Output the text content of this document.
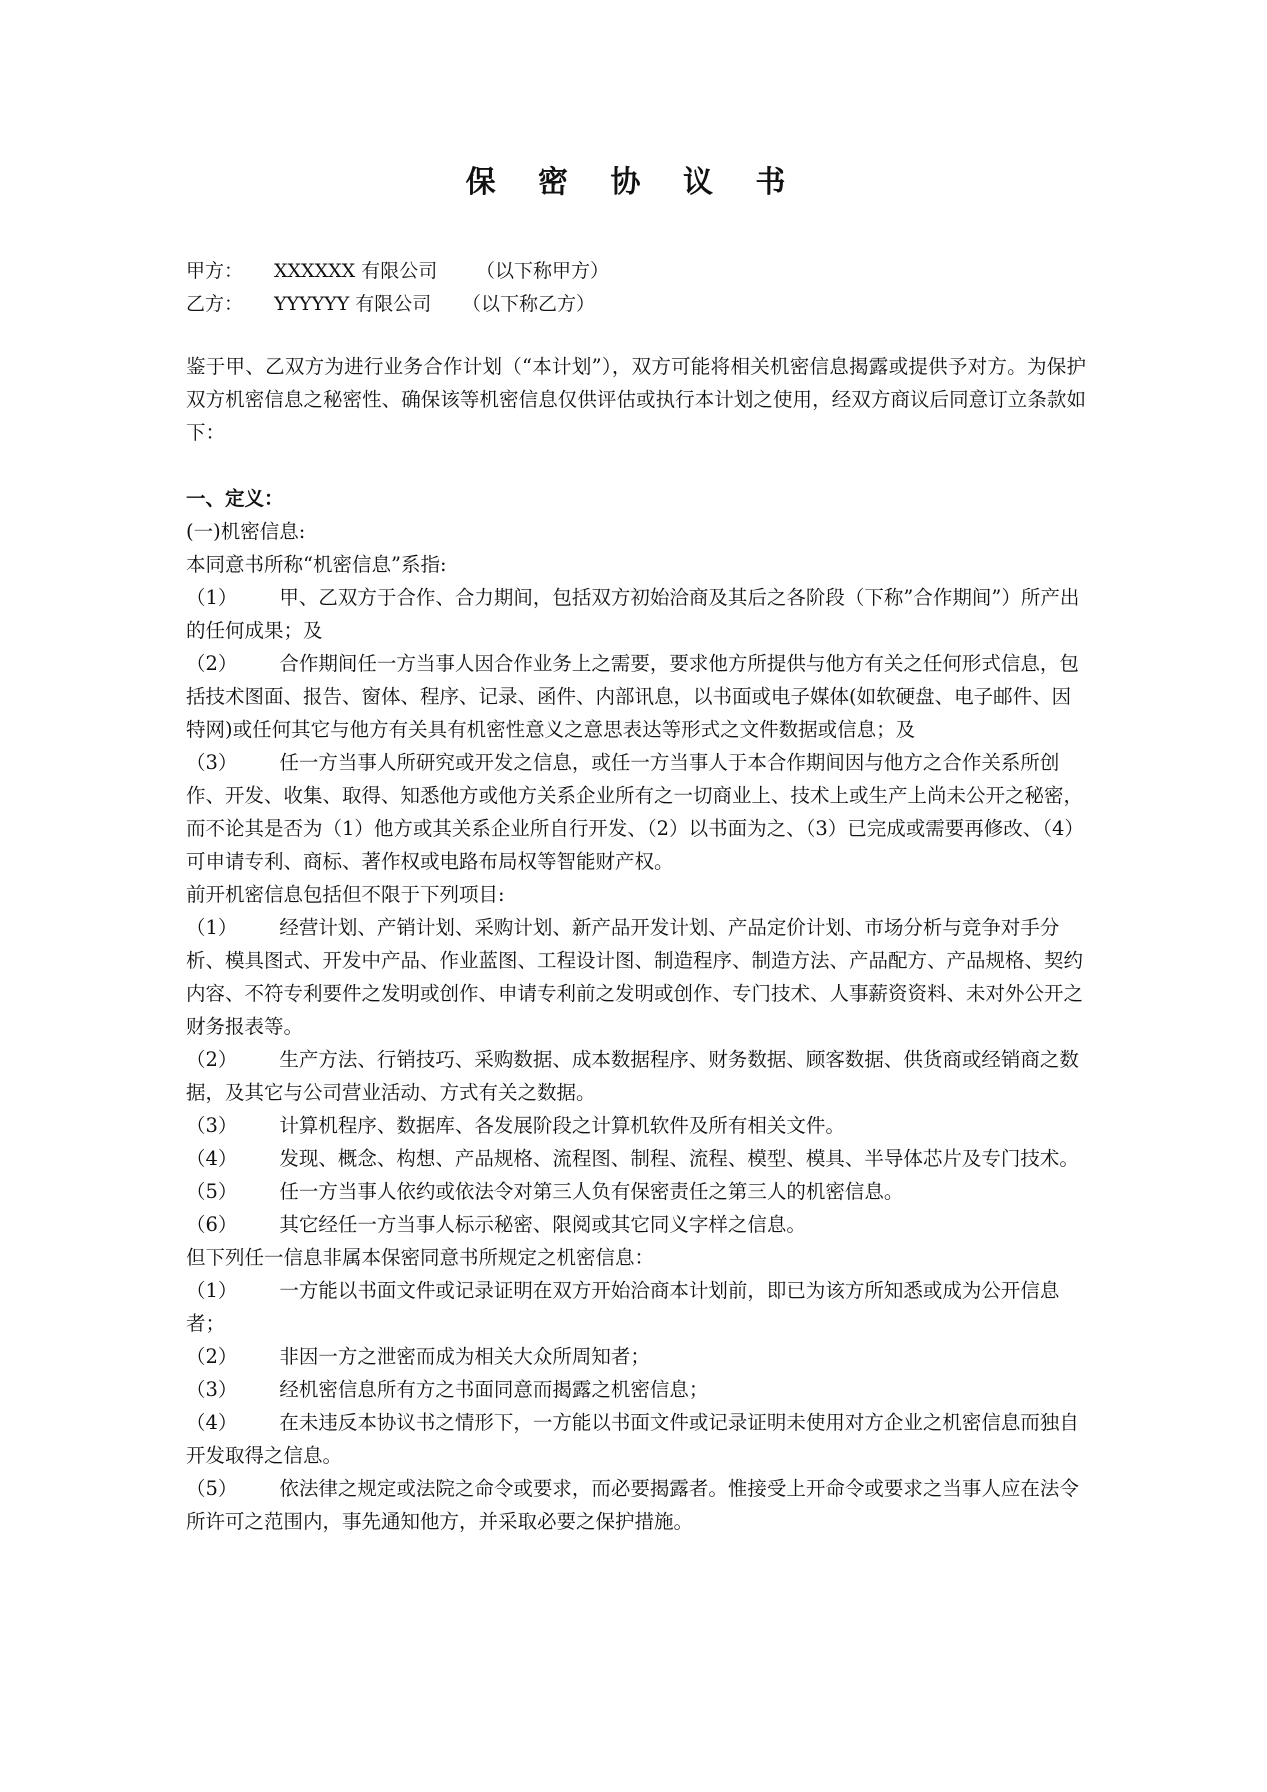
保 密 协 议 书
甲方： XXXXXX 有限公司 （以下称甲方）
乙方： YYYYYY 有限公司 （以下称乙方）

鉴于甲、乙双方为进行业务合作计划（“本计划”），双方可能将相关机密信息揭露或提供予对方。为保护双方机密信息之秘密性、确保该等机密信息仅供评估或执行本计划之使用，经双方商议后同意订立条款如下：

一、定义：

(一)机密信息:

本同意书所称“机密信息”系指:

（1） 甲、乙双方于合作、合力期间，包括双方初始洽商及其后之各阶段（下称”合作期间”）所产出的任何成果；及

（2） 合作期间任一方当事人因合作业务上之需要，要求他方所提供与他方有关之任何形式信息，包括技术图面、报告、窗体、程序、记录、函件、内部讯息，以书面或电子媒体(如软硬盘、电子邮件、因特网)或任何其它与他方有关具有机密性意义之意思表达等形式之文件数据或信息；及

（3） 任一方当事人所研究或开发之信息，或任一方当事人于本合作期间因与他方之合作关系所创作、开发、收集、取得、知悉他方或他方关系企业所有之一切商业上、技术上或生产上尚未公开之秘密，而不论其是否为（1）他方或其关系企业所自行开发、（2）以书面为之、（3）已完成或需要再修改、（4）可申请专利、商标、著作权或电路布局权等智能财产权。

前开机密信息包括但不限于下列项目:

（1） 经营计划、产销计划、采购计划、新产品开发计划、产品定价计划、市场分析与竞争对手分析、模具图式、开发中产品、作业蓝图、工程设计图、制造程序、制造方法、产品配方、产品规格、契约内容、不符专利要件之发明或创作、申请专利前之发明或创作、专门技术、人事薪资资料、未对外公开之财务报表等。

（2） 生产方法、行销技巧、采购数据、成本数据程序、财务数据、顾客数据、供货商或经销商之数据，及其它与公司营业活动、方式有关之数据。

（3） 计算机程序、数据库、各发展阶段之计算机软件及所有相关文件。

（4） 发现、概念、构想、产品规格、流程图、制程、流程、模型、模具、半导体芯片及专门技术。

（5） 任一方当事人依约或依法令对第三人负有保密责任之第三人的机密信息。

（6） 其它经任一方当事人标示秘密、限阅或其它同义字样之信息。

但下列任一信息非属本保密同意书所规定之机密信息：

（1） 一方能以书面文件或记录证明在双方开始洽商本计划前，即已为该方所知悉或成为公开信息者；

（2） 非因一方之泄密而成为相关大众所周知者；

（3） 经机密信息所有方之书面同意而揭露之机密信息；

（4） 在未违反本协议书之情形下，一方能以书面文件或记录证明未使用对方企业之机密信息而独自开发取得之信息。

（5） 依法律之规定或法院之命令或要求，而必要揭露者。惟接受上开命令或要求之当事人应在法令所许可之范围内，事先通知他方，并采取必要之保护措施。
